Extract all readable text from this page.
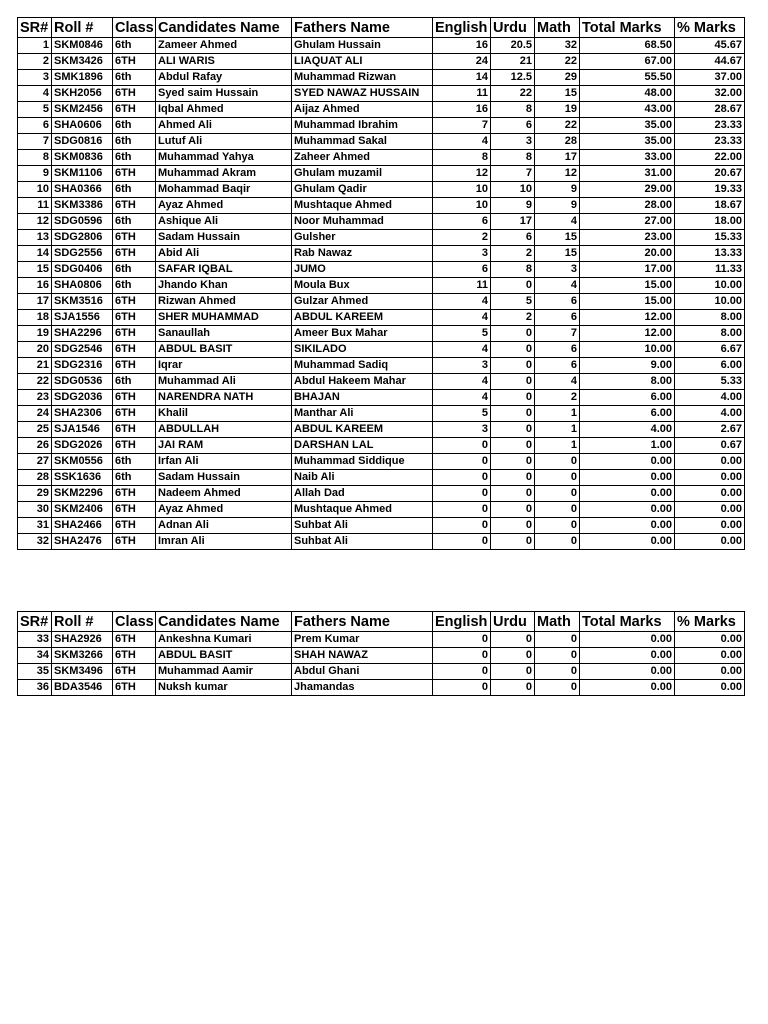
SR#	Roll #	Class	Candidates Name	Fathers Name	English	Urdu	Math	Total Marks	% Marks
1	SKM0846	6th	Zameer Ahmed	Ghulam Hussain	16	20.5	32	68.50	45.67
2	SKM3426	6TH	ALI WARIS	LIAQUAT ALI	24	21	22	67.00	44.67
3	SMK1896	6th	Abdul Rafay	Muhammad Rizwan	14	12.5	29	55.50	37.00
4	SKH2056	6TH	Syed saim Hussain	SYED NAWAZ HUSSAIN	11	22	15	48.00	32.00
5	SKM2456	6TH	Iqbal Ahmed	Aijaz Ahmed	16	8	19	43.00	28.67
6	SHA0606	6th	Ahmed Ali	Muhammad Ibrahim	7	6	22	35.00	23.33
7	SDG0816	6th	Lutuf Ali	Muhammad Sakal	4	3	28	35.00	23.33
8	SKM0836	6th	Muhammad Yahya	Zaheer Ahmed	8	8	17	33.00	22.00
9	SKM1106	6TH	Muhammad Akram	Ghulam muzamil	12	7	12	31.00	20.67
10	SHA0366	6th	Mohammad Baqir	Ghulam Qadir	10	10	9	29.00	19.33
11	SKM3386	6TH	Ayaz Ahmed	Mushtaque Ahmed	10	9	9	28.00	18.67
12	SDG0596	6th	Ashique Ali	Noor Muhammad	6	17	4	27.00	18.00
13	SDG2806	6TH	Sadam Hussain	Gulsher	2	6	15	23.00	15.33
14	SDG2556	6TH	Abid Ali	Rab Nawaz	3	2	15	20.00	13.33
15	SDG0406	6th	SAFAR IQBAL	JUMO	6	8	3	17.00	11.33
16	SHA0806	6th	Jhando Khan	Moula Bux	11	0	4	15.00	10.00
17	SKM3516	6TH	Rizwan Ahmed	Gulzar Ahmed	4	5	6	15.00	10.00
18	SJA1556	6TH	SHER MUHAMMAD	ABDUL KAREEM	4	2	6	12.00	8.00
19	SHA2296	6TH	Sanaullah	Ameer Bux Mahar	5	0	7	12.00	8.00
20	SDG2546	6TH	ABDUL BASIT	SIKILADO	4	0	6	10.00	6.67
21	SDG2316	6TH	Iqrar	Muhammad Sadiq	3	0	6	9.00	6.00
22	SDG0536	6th	Muhammad Ali	Abdul Hakeem Mahar	4	0	4	8.00	5.33
23	SDG2036	6TH	NARENDRA NATH	BHAJAN	4	0	2	6.00	4.00
24	SHA2306	6TH	Khalil	Manthar Ali	5	0	1	6.00	4.00
25	SJA1546	6TH	ABDULLAH	ABDUL KAREEM	3	0	1	4.00	2.67
26	SDG2026	6TH	JAI RAM	DARSHAN LAL	0	0	1	1.00	0.67
27	SKM0556	6th	Irfan Ali	Muhammad Siddique	0	0	0	0.00	0.00
28	SSK1636	6th	Sadam Hussain	Naib Ali	0	0	0	0.00	0.00
29	SKM2296	6TH	Nadeem Ahmed	Allah Dad	0	0	0	0.00	0.00
30	SKM2406	6TH	Ayaz Ahmed	Mushtaque Ahmed	0	0	0	0.00	0.00
31	SHA2466	6TH	Adnan Ali	Suhbat Ali	0	0	0	0.00	0.00
32	SHA2476	6TH	Imran Ali	Suhbat Ali	0	0	0	0.00	0.00
SR#	Roll #	Class	Candidates Name	Fathers Name	English	Urdu	Math	Total Marks	% Marks
33	SHA2926	6TH	Ankeshna Kumari	Prem Kumar	0	0	0	0.00	0.00
34	SKM3266	6TH	ABDUL BASIT	SHAH NAWAZ	0	0	0	0.00	0.00
35	SKM3496	6TH	Muhammad Aamir	Abdul Ghani	0	0	0	0.00	0.00
36	BDA3546	6TH	Nuksh kumar	Jhamandas	0	0	0	0.00	0.00
